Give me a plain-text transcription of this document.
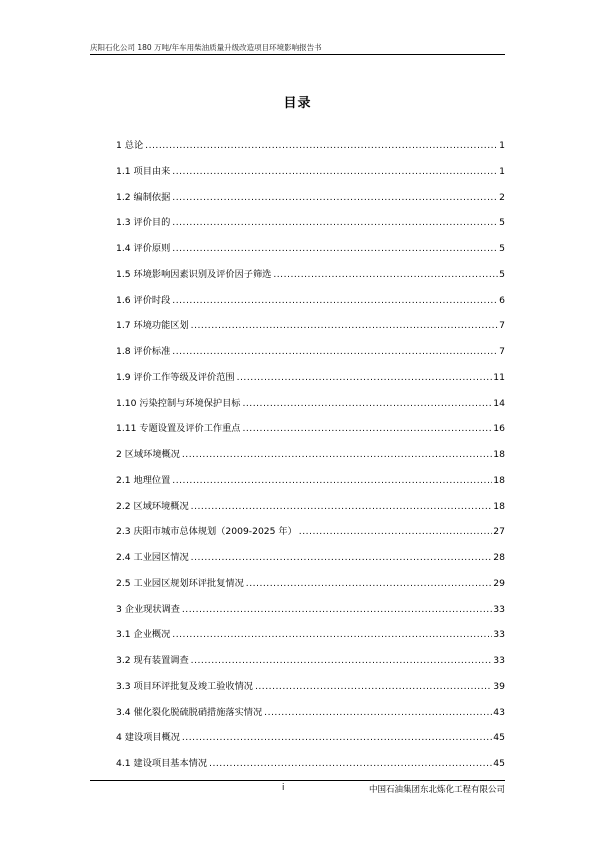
庆阳石化公司 180 万吨/年车用柴油质量升级改造项目环境影响报告书
目录
1 总论 .....	1
1.1 项目由来 .....	1
1.2 编制依据 .....	2
1.3 评价目的 .....	5
1.4 评价原则 .....	5
1.5 环境影响因素识别及评价因子筛选 .....	5
1.6 评价时段 .....	6
1.7 环境功能区划 .....	7
1.8 评价标准 .....	7
1.9 评价工作等级及评价范围 .....	11
1.10 污染控制与环境保护目标 .....	14
1.11 专题设置及评价工作重点 .....	16
2 区域环境概况 .....	18
2.1 地理位置 .....	18
2.2 区域环境概况 .....	18
2.3 庆阳市城市总体规划（2009-2025 年） .....	27
2.4 工业园区情况 .....	28
2.5 工业园区规划环评批复情况 .....	29
3 企业现状调查 .....	33
3.1 企业概况 .....	33
3.2 现有装置调查 .....	33
3.3 项目环评批复及竣工验收情况 .....	39
3.4 催化裂化脱硫脱硝措施落实情况 .....	43
4 建设项目概况 .....	45
4.1 建设项目基本情况 .....	45
i	中国石油集团东北炼化工程有限公司
